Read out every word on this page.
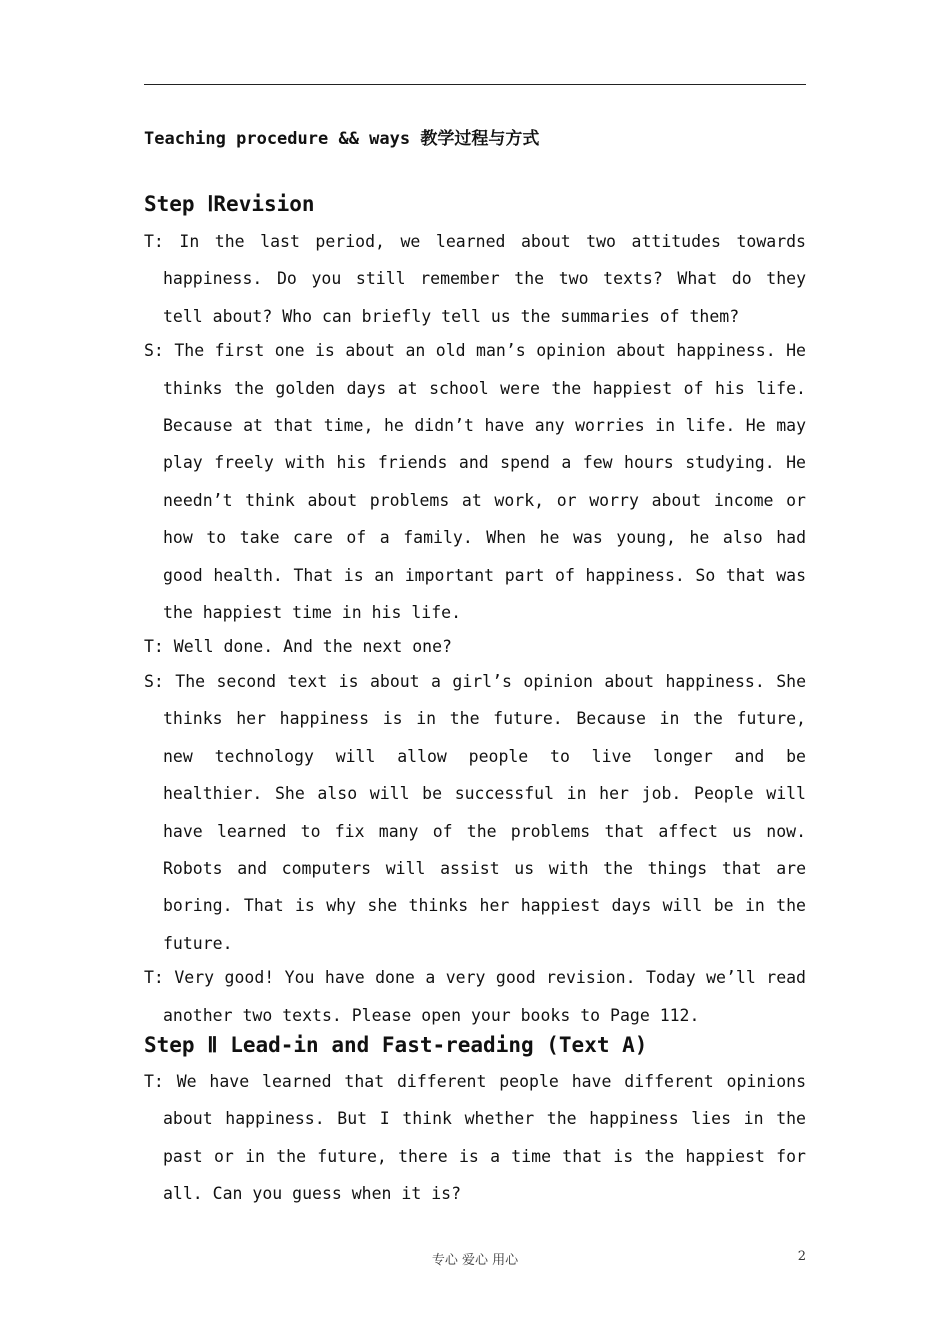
Teaching procedure && ways 教学过程与方式
Step ⅠRevision

T: In the last period, we learned about two attitudes towards happiness. Do you still remember the two texts? What do they tell about? Who can briefly tell us the summaries of them?

S: The first one is about an old man’s opinion about happiness. He thinks the golden days at school were the happiest of his life. Because at that time, he didn’t have any worries in life. He may play freely with his friends and spend a few hours studying. He needn’t think about problems at work, or worry about income or how to take care of a family. When he was young, he also had good health. That is an important part of happiness. So that was the happiest time in his life.

T: Well done. And the next one?

S: The second text is about a girl’s opinion about happiness. She thinks her happiness is in the future. Because in the future, new technology will allow people to live longer and be healthier. She also will be successful in her job. People will have learned to fix many of the problems that affect us now. Robots and computers will assist us with the things that are boring. That is why she thinks her happiest days will be in the future.

T: Very good! You have done a very good revision. Today we’ll read another two texts. Please open your books to Page 112.

Step Ⅱ Lead-in and Fast-reading (Text A)

T: We have learned that different people have different opinions about happiness. But I think whether the happiness lies in the past or in the future, there is a time that is the happiest for all. Can you guess when it is?

专心 爱心 用心	2
